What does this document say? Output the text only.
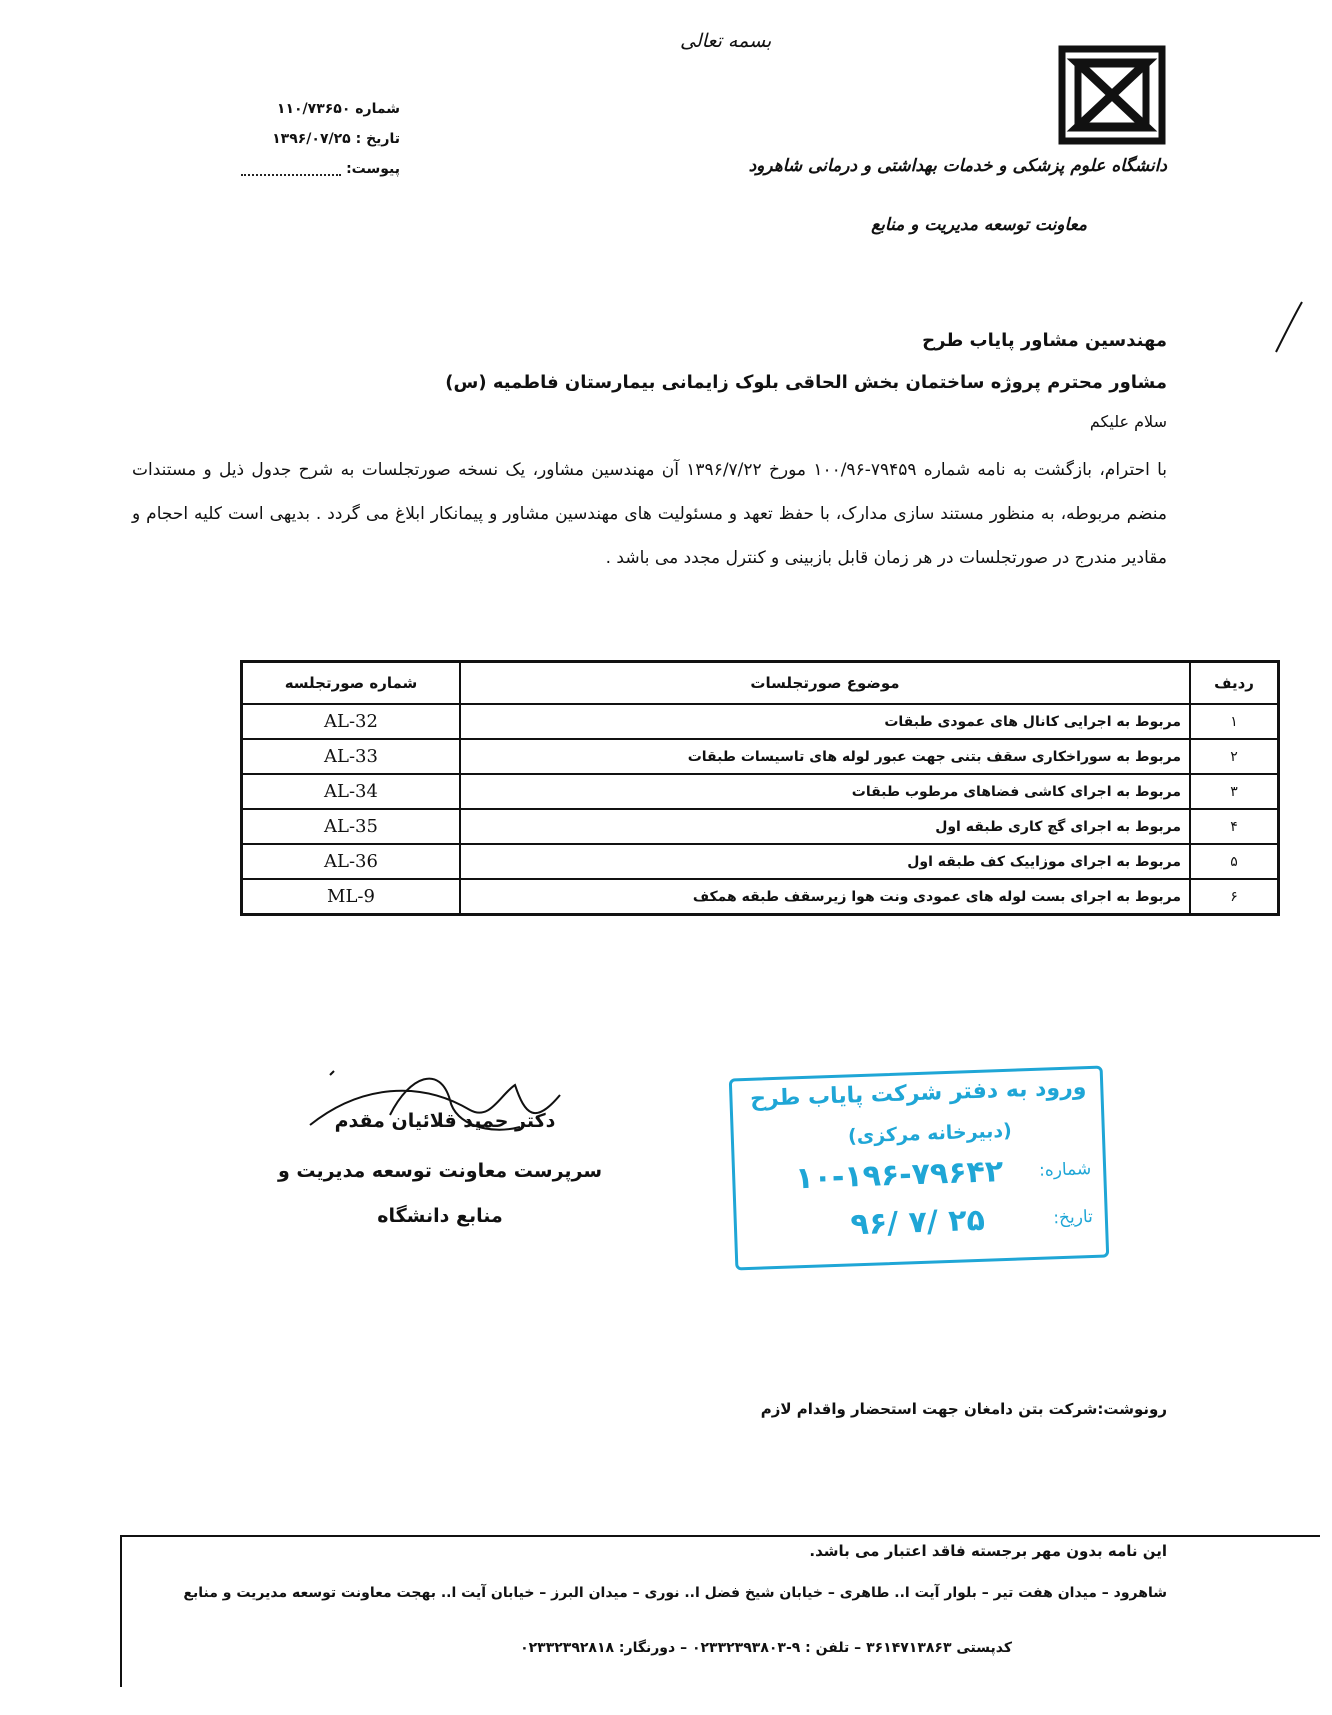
بسمه تعالی
دانشگاه علوم پزشکی و خدمات بهداشتی و درمانی شاهرود
معاونت توسعه مدیریت و منابع
شماره ۱۱۰/۷۳۶۵۰
تاریخ : ۱۳۹۶/۰۷/۲۵
پیوست:
مهندسین مشاور پایاب طرح
مشاور محترم پروژه ساختمان بخش الحاقی بلوک زایمانی بیمارستان فاطمیه (س)
سلام علیکم
با احترام، بازگشت به نامه شماره ۷۹۴۵۹-۱۰۰/۹۶ مورخ ۱۳۹۶/۷/۲۲ آن مهندسین مشاور، یک نسخه صورتجلسات به شرح جدول ذیل و مستندات منضم مربوطه، به منظور مستند سازی مدارک، با حفظ تعهد و مسئولیت های مهندسین مشاور و پیمانکار ابلاغ می گردد . بدیهی است کلیه احجام و مقادیر مندرج در صورتجلسات در هر زمان قابل بازبینی و کنترل مجدد می باشد .
ردیف	موضوع صورتجلسات	شماره صورتجلسه
۱	مربوط به اجرایی کانال های عمودی طبقات	AL-32
۲	مربوط به سوراخکاری سقف بتنی جهت عبور لوله های تاسیسات طبقات	AL-33
۳	مربوط به اجرای کاشی فضاهای مرطوب طبقات	AL-34
۴	مربوط به اجرای گچ کاری طبقه اول	AL-35
۵	مربوط به اجرای موزاییک کف طبقه اول	AL-36
۶	مربوط به اجرای بست لوله های عمودی ونت هوا زیرسقف طبقه همکف	ML-9
دکتر حمید قلائیان مقدم
سرپرست معاونت توسعه مدیریت و
منابع دانشگاه
ورود به دفتر شرکت پایاب طرح
(دبیرخانه مرکزی)
شماره:
۱۰-۱۹۶-۷۹۶۴۲
تاریخ:
۹۶/ ۷/ ۲۵
رونوشت:شرکت بتن دامغان جهت استحضار واقدام لازم
این نامه بدون مهر برجسته فاقد اعتبار می باشد.
شاهرود – میدان هفت تیر – بلوار آیت ا.. طاهری – خیابان شیخ فضل ا.. نوری – میدان البرز – خیابان آیت ا.. بهجت معاونت توسعه مدیریت و منابع
کدپستی ۳۶۱۴۷۱۳۸۶۳ – تلفن : ۹-۰۲۳۳۲۳۹۳۸۰۳ – دورنگار: ۰۲۳۳۲۳۹۲۸۱۸
